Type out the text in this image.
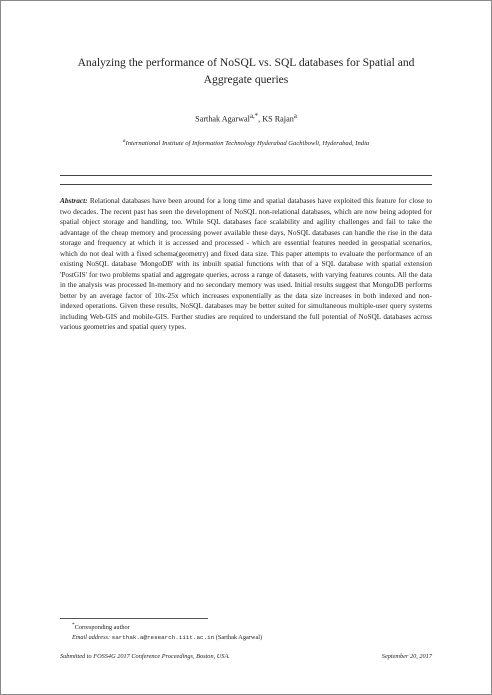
Analyzing the performance of NoSQL vs. SQL databases for Spatial and
Aggregate queries
Sarthak Agarwal$^{a,*}$, KS Rajan$^a$
$^a$International Institute of Information Technology Hyderabad Gachibowli, Hyderabad, India
Abstract: Relational databases have been around for a long time and spatial databases have exploited this feature for close to two decades. The recent past has seen the development of NoSQL non-relational databases, which are now being adopted for spatial object storage and handling, too. While SQL databases face scalability and agility challenges and fail to take the advantage of the cheap memory and processing power available these days, NoSQL databases can handle the rise in the data storage and frequency at which it is accessed and processed - which are essential features needed in geospatial scenarios, which do not deal with a fixed schema(geometry) and fixed data size. This paper attempts to evaluate the performance of an existing NoSQL database 'MongoDB' with its inbuilt spatial functions with that of a SQL database with spatial extension 'PostGIS' for two problems spatial and aggregate queries, across a range of datasets, with varying features counts. All the data in the analysis was processed In-memory and no secondary memory was used. Initial results suggest that MongoDB performs better by an average factor of 10x-25x which increases exponentially as the data size increases in both indexed and non-indexed operations. Given these results, NoSQL databases may be better suited for simultaneous multiple-user query systems including Web-GIS and mobile-GIS. Further studies are required to understand the full potential of NoSQL databases across various geometries and spatial query types.
*Corresponding author
Email address: sarthak.a@research.iiit.ac.in (Sarthak Agarwal)
Submitted to FOSS4G 2017 Conference Proceedings, Boston, USA.	September 20, 2017
